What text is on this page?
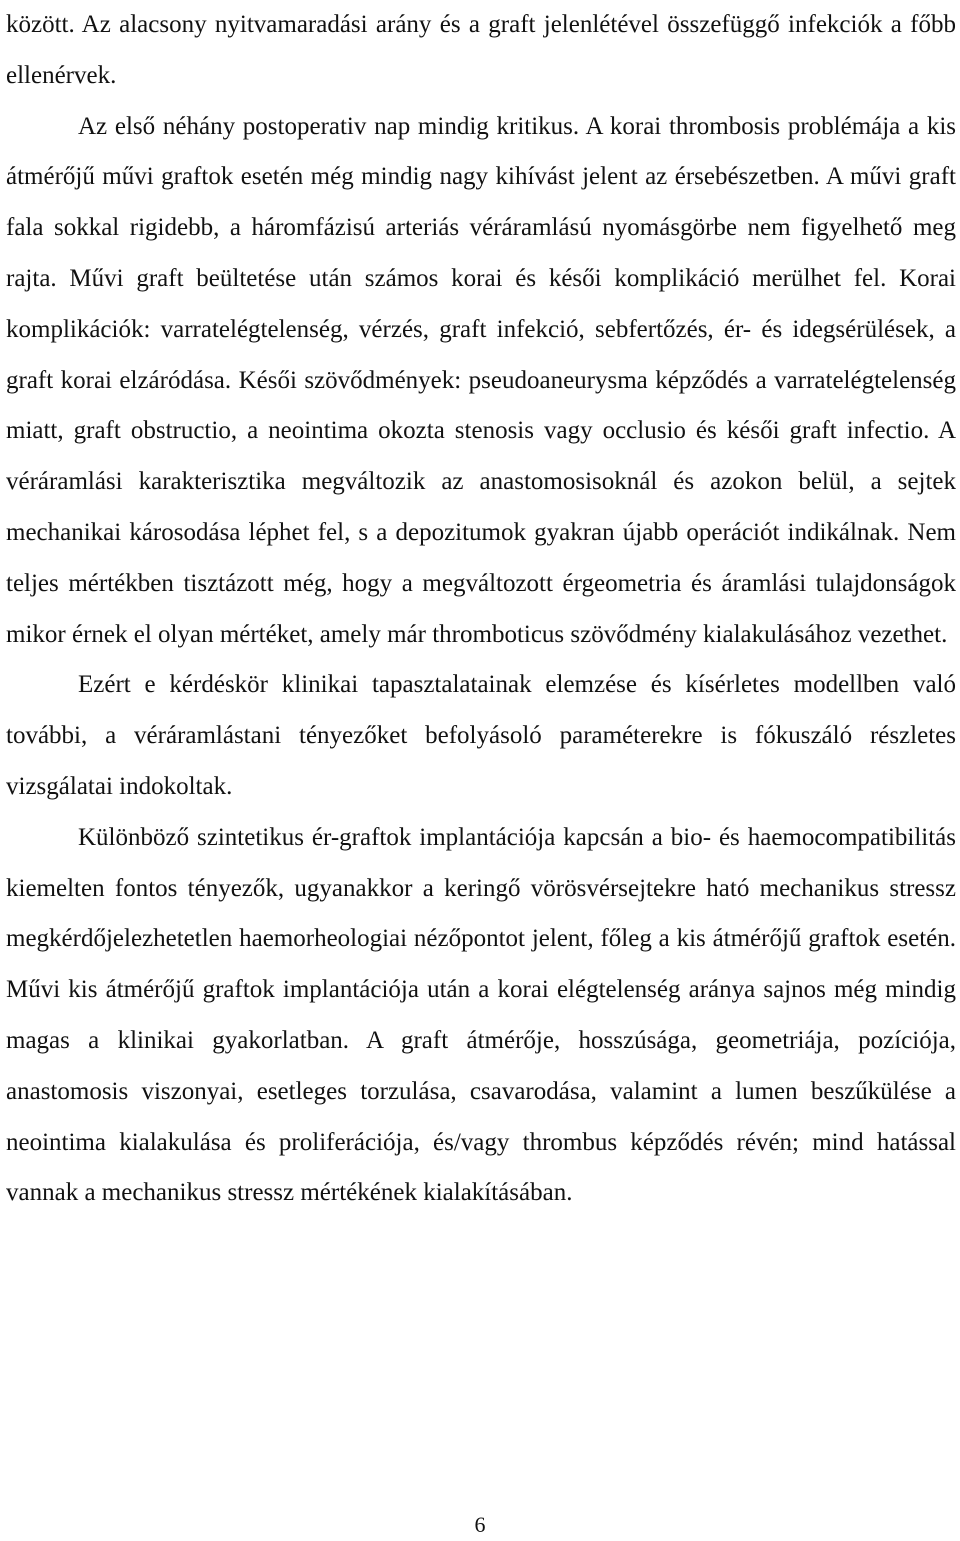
között. Az alacsony nyitvamaradási arány és a graft jelenlétével összefüggő infekciók a főbb ellenérvek.

Az első néhány postoperativ nap mindig kritikus. A korai thrombosis problémája a kis átmérőjű művi graftok esetén még mindig nagy kihívást jelent az érsebészetben. A művi graft fala sokkal rigidebb, a háromfázisú arteriás véráramlású nyomásgörbe nem figyelhető meg rajta. Művi graft beültetése után számos korai és késői komplikáció merülhet fel. Korai komplikációk: varratelégtelenség, vérzés, graft infekció, sebfertőzés, ér- és idegsérülések, a graft korai elzáródása. Késői szövődmények: pseudoaneurysma képződés a varratelégtelenség miatt, graft obstructio, a neointima okozta stenosis vagy occlusio és késői graft infectio. A véráramlási karakterisztika megváltozik az anastomosisoknál és azokon belül, a sejtek mechanikai károsodása léphet fel, s a depozitumok gyakran újabb operációt indikálnak. Nem teljes mértékben tisztázott még, hogy a megváltozott érgeometria és áramlási tulajdonságok mikor érnek el olyan mértéket, amely már thromboticus szövődmény kialakulásához vezethet.

Ezért e kérdéskör klinikai tapasztalatainak elemzése és kísérletes modellben való további, a véráramlástani tényezőket befolyásoló paraméterekre is fókuszáló részletes vizsgálatai indokoltak.

Különböző szintetikus ér-graftok implantációja kapcsán a bio- és haemocompatibilitás kiemelten fontos tényezők, ugyanakkor a keringő vörösvérsejtekre ható mechanikus stressz megkérdőjelezhetetlen haemorheologiai nézőpontot jelent, főleg a kis átmérőjű graftok esetén. Művi kis átmérőjű graftok implantációja után a korai elégtelenség aránya sajnos még mindig magas a klinikai gyakorlatban. A graft átmérője, hosszúsága, geometriája, pozíciója, anastomosis viszonyai, esetleges torzulása, csavarodása, valamint a lumen beszűkülése a neointima kialakulása és proliferációja, és/vagy thrombus képződés révén; mind hatással vannak a mechanikus stressz mértékének kialakításában.

6
